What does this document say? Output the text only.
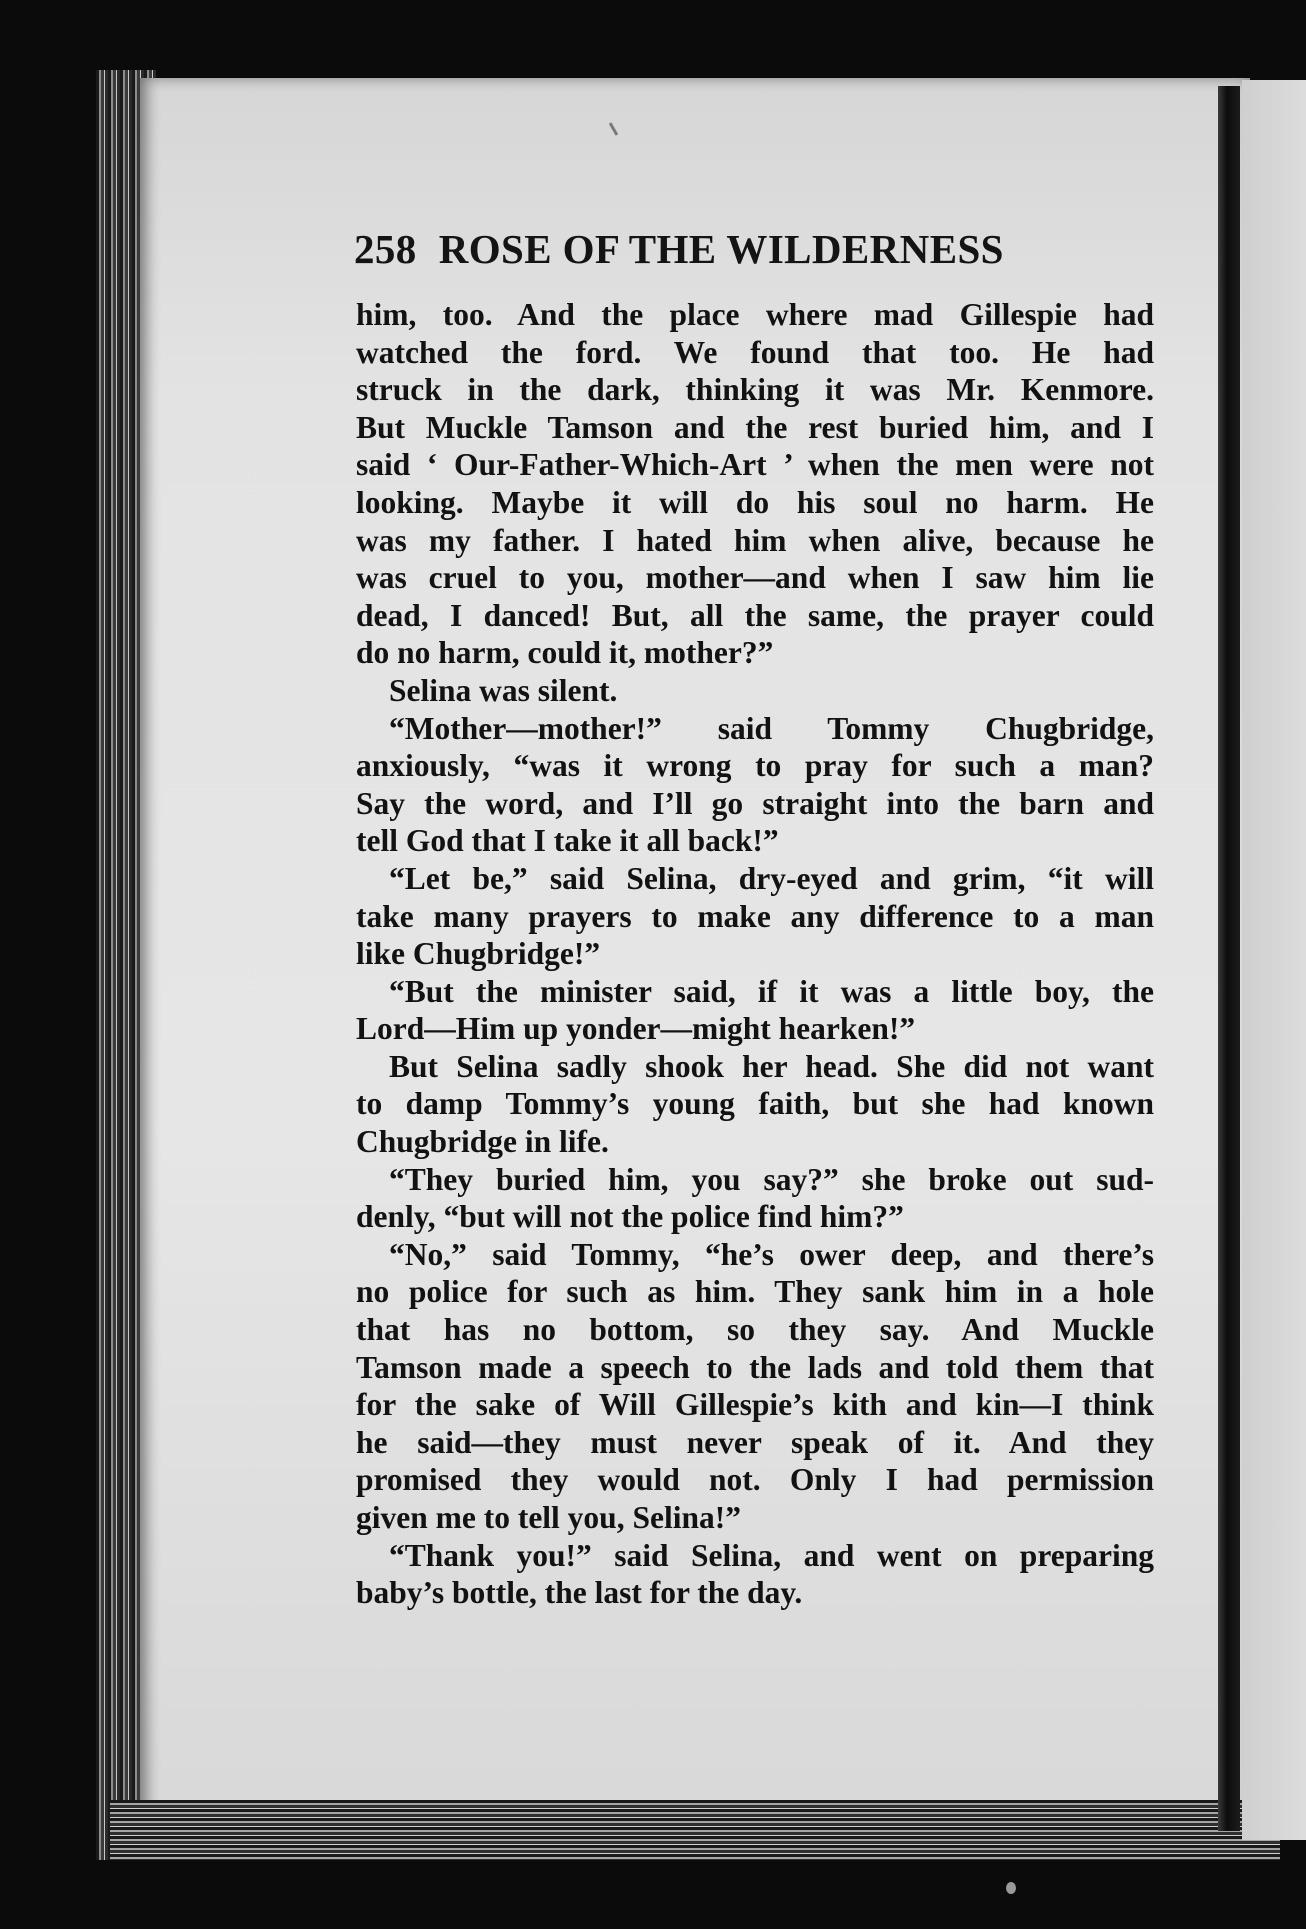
258 ROSE OF THE WILDERNESS
him, too. And the place where mad Gillespie had
watched the ford. We found that too. He had
struck in the dark, thinking it was Mr. Kenmore.
But Muckle Tamson and the rest buried him, and I
said ‘ Our-Father-Which-Art ’ when the men were not
looking. Maybe it will do his soul no harm. He
was my father. I hated him when alive, because he
was cruel to you, mother—and when I saw him lie
dead, I danced! But, all the same, the prayer could
do no harm, could it, mother?”
Selina was silent.
“Mother—mother!” said Tommy Chugbridge,
anxiously, “was it wrong to pray for such a man?
Say the word, and I’ll go straight into the barn and
tell God that I take it all back!”
“Let be,” said Selina, dry-eyed and grim, “it will
take many prayers to make any difference to a man
like Chugbridge!”
“But the minister said, if it was a little boy, the
Lord—Him up yonder—might hearken!”
But Selina sadly shook her head. She did not want
to damp Tommy’s young faith, but she had known
Chugbridge in life.
“They buried him, you say?” she broke out sud-
denly, “but will not the police find him?”
“No,” said Tommy, “he’s ower deep, and there’s
no police for such as him. They sank him in a hole
that has no bottom, so they say. And Muckle
Tamson made a speech to the lads and told them that
for the sake of Will Gillespie’s kith and kin—I think
he said—they must never speak of it. And they
promised they would not. Only I had permission
given me to tell you, Selina!”
“Thank you!” said Selina, and went on preparing
baby’s bottle, the last for the day.
